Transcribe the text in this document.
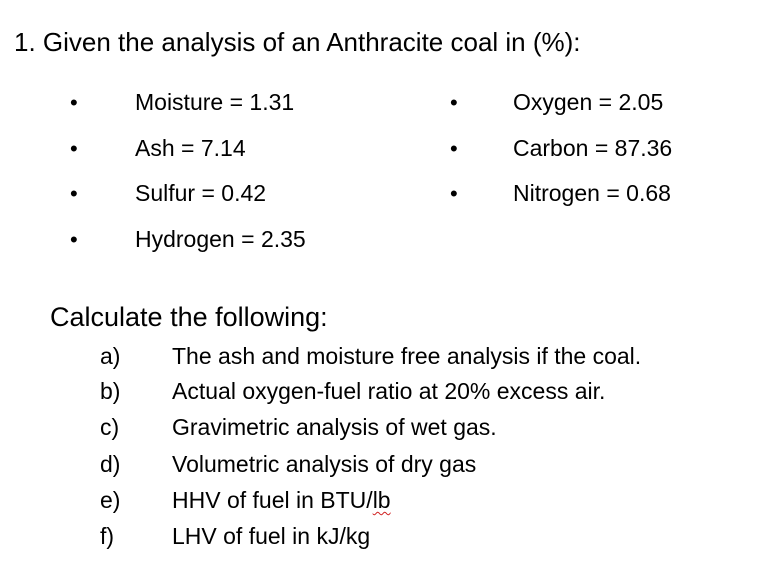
1. Given the analysis of an Anthracite coal in (%):
• Moisture = 1.31
• Ash = 7.14
• Sulfur = 0.42
• Hydrogen = 2.35
• Oxygen = 2.05
• Carbon = 87.36
• Nitrogen = 0.68
Calculate the following:
a) The ash and moisture free analysis if the coal.
b) Actual oxygen-fuel ratio at 20% excess air.
c) Gravimetric analysis of wet gas.
d) Volumetric analysis of dry gas
e) HHV of fuel in BTU/lb
f)	LHV of fuel in kJ/kg
